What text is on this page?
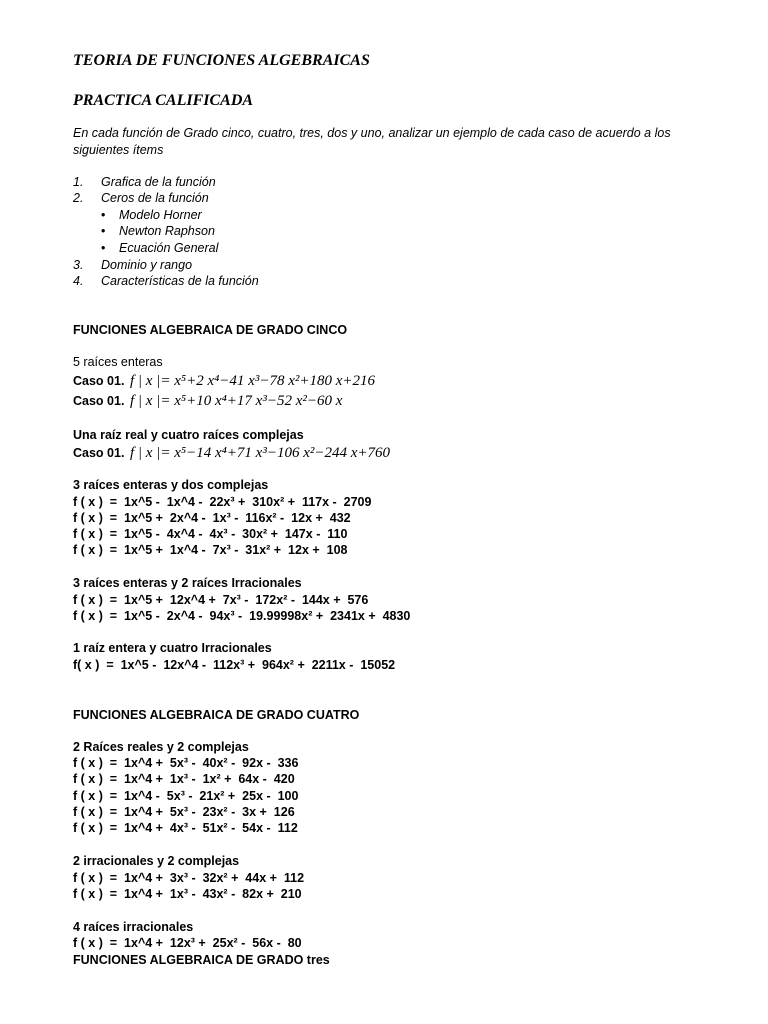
TEORIA DE FUNCIONES ALGEBRAICAS
PRACTICA CALIFICADA

En cada función de Grado cinco, cuatro, tres, dos y uno, analizar un ejemplo de cada caso de acuerdo a los siguientes ítems

1. Grafica de la función
2. Ceros de la función
• Modelo Horner
• Newton Raphson
• Ecuación General
3. Dominio y rango
4. Características de la función
FUNCIONES ALGEBRAICA DE GRADO CINCO
5 raíces enteras
Caso 01. f | x |= x⁵+2 x⁴−41 x³−78 x²+180 x+216
Caso 01. f | x |= x⁵+10 x⁴+17 x³−52 x²−60 x
Una raíz real y cuatro raíces complejas
Caso 01. f | x |= x⁵−14 x⁴+71 x³−106 x²−244 x+760
3 raíces enteras y dos complejas
f ( x )  =  1x^5 -  1x^4 -  22x³ +  310x² +  117x -  2709
f ( x )  =  1x^5 +  2x^4 -  1x³ -  116x² -  12x +  432
f ( x )  =  1x^5 -  4x^4 -  4x³ -  30x² +  147x -  110
f ( x )  =  1x^5 +  1x^4 -  7x³ -  31x² +  12x +  108
3 raíces enteras y 2 raíces Irracionales
f ( x )  =  1x^5 +  12x^4 +  7x³ -  172x² -  144x +  576
f ( x )  =  1x^5 -  2x^4 -  94x³ -  19.99998x² +  2341x +  4830
1 raíz entera y cuatro Irracionales
f( x )  =  1x^5 -  12x^4 -  112x³ +  964x² +  2211x -  15052
FUNCIONES ALGEBRAICA DE GRADO CUATRO
2 Raíces reales y 2 complejas
f ( x )  =  1x^4 +  5x³ -  40x² -  92x -  336
f ( x )  =  1x^4 +  1x³ -  1x² +  64x -  420
f ( x )  =  1x^4 -  5x³ -  21x² +  25x -  100
f ( x )  =  1x^4 +  5x³ -  23x² -  3x +  126
f ( x )  =  1x^4 +  4x³ -  51x² -  54x -  112
2 irracionales y 2 complejas
f ( x )  =  1x^4 +  3x³ -  32x² +  44x +  112
f ( x )  =  1x^4 +  1x³ -  43x² -  82x +  210
4 raíces irracionales
f ( x )  =  1x^4 +  12x³ +  25x² -  56x -  80
FUNCIONES ALGEBRAICA DE GRADO tres
